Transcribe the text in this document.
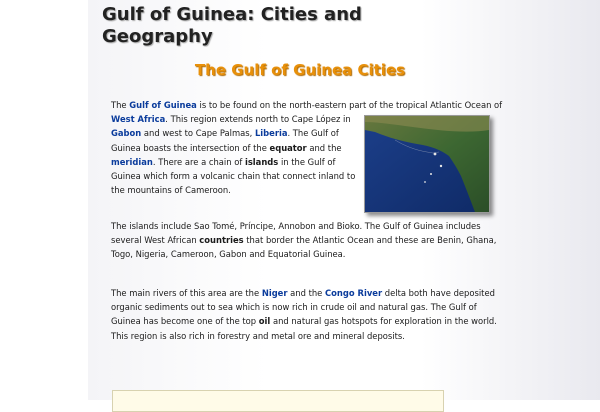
Gulf of Guinea: Cities and Geography
The Gulf of Guinea Cities

The Gulf of Guinea is to be found on the north-eastern part of the tropical Atlantic Ocean of
West Africa. This region extends north to Cape López in Gabon and west to Cape Palmas, Liberia. The Gulf of Guinea boasts the intersection of the equator and the meridian. There are a chain of islands in the Gulf of Guinea which form a volcanic chain that connect inland to the mountains of Cameroon.

The islands include Sao Tomé, Príncipe, Annobon and Bioko. The Gulf of Guinea includes several West African countries that border the Atlantic Ocean and these are Benin, Ghana, Togo, Nigeria, Cameroon, Gabon and Equatorial Guinea.

The main rivers of this area are the Niger and the Congo River delta both have deposited organic sediments out to sea which is now rich in crude oil and natural gas. The Gulf of Guinea has become one of the top oil and natural gas hotspots for exploration in the world. This region is also rich in forestry and metal ore and mineral deposits.
